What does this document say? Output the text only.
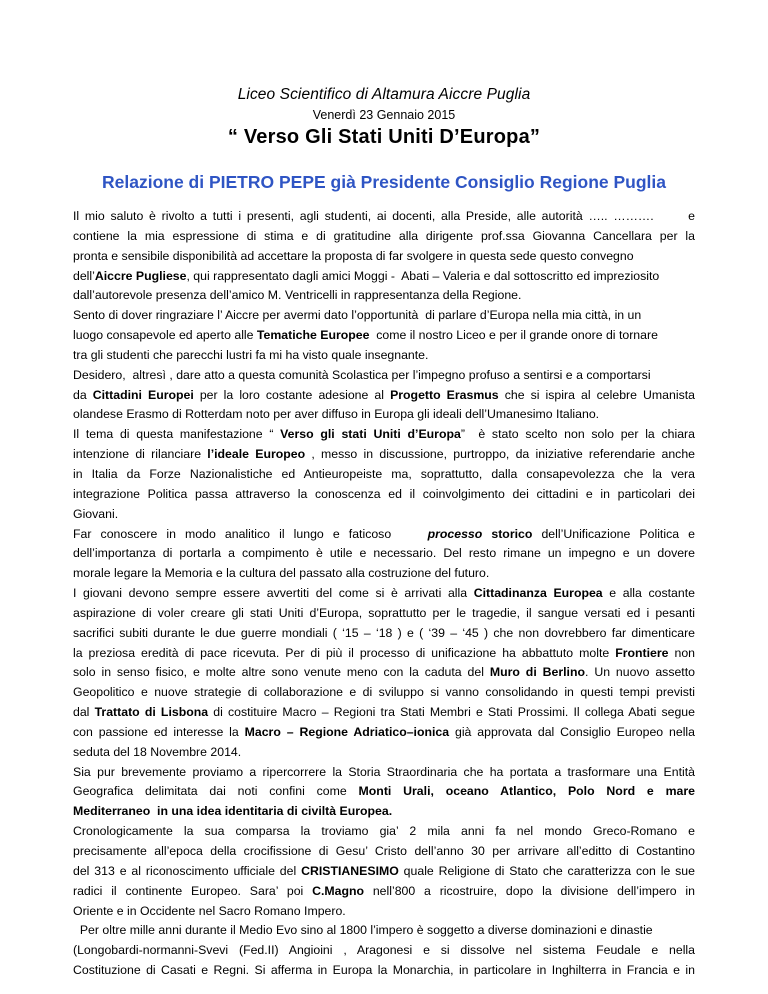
Liceo Scientifico di Altamura Aiccre Puglia
Venerdì 23 Gennaio 2015
“ Verso Gli Stati Uniti D’Europa”
Relazione di PIETRO PEPE già Presidente Consiglio Regione Puglia
Il mio saluto è rivolto a tutti i presenti, agli studenti, ai docenti, alla Preside, alle autorità ….. ……….      e
contiene la mia espressione di stima e di gratitudine alla dirigente prof.ssa Giovanna Cancellara per la
pronta e sensibile disponibilità ad accettare la proposta di far svolgere in questa sede questo convegno
dell’Aiccre Pugliese, qui rappresentato dagli amici Moggi -  Abati – Valeria e dal sottoscritto ed impreziosito
dall’autorevole presenza dell’amico M. Ventricelli in rappresentanza della Regione.
Sento di dover ringraziare l’ Aiccre per avermi dato l’opportunità  di parlare d’Europa nella mia città, in un
luogo consapevole ed aperto alle Tematiche Europee  come il nostro Liceo e per il grande onore di tornare
tra gli studenti che parecchi lustri fa mi ha visto quale insegnante.
Desidero,  altresì , dare atto a questa comunità Scolastica per l’impegno profuso a sentirsi e a comportarsi
da Cittadini Europei per la loro costante adesione al Progetto Erasmus che si ispira al celebre Umanista
olandese Erasmo di Rotterdam noto per aver diffuso in Europa gli ideali dell’Umanesimo Italiano.
Il tema di questa manifestazione “ Verso gli stati Uniti d’Europa”  è stato scelto non solo per la chiara
intenzione di rilanciare l’ideale Europeo , messo in discussione, purtroppo, da iniziative referendarie anche
in Italia da Forze Nazionalistiche ed Antieuropeiste ma, soprattutto, dalla consapevolezza che la vera
integrazione Politica passa attraverso la conoscenza ed il coinvolgimento dei cittadini e in particolari dei
Giovani.
Far conoscere in modo analitico il lungo e faticoso    processo storico dell’Unificazione Politica e
dell’importanza di portarla a compimento è utile e necessario. Del resto rimane un impegno e un dovere
morale legare la Memoria e la cultura del passato alla costruzione del futuro.
I giovani devono sempre essere avvertiti del come si è arrivati alla Cittadinanza Europea e alla costante
aspirazione di voler creare gli stati Uniti d’Europa, soprattutto per le tragedie, il sangue versati ed i pesanti
sacrifici subiti durante le due guerre mondiali ( ‘15 – ‘18 ) e ( ‘39 – ‘45 ) che non dovrebbero far dimenticare
la preziosa eredità di pace ricevuta. Per di più il processo di unificazione ha abbattuto molte Frontiere non
solo in senso fisico, e molte altre sono venute meno con la caduta del Muro di Berlino. Un nuovo assetto
Geopolitico e nuove strategie di collaborazione e di sviluppo si vanno consolidando in questi tempi previsti
dal Trattato di Lisbona di costituire Macro – Regioni tra Stati Membri e Stati Prossimi. Il collega Abati segue
con passione ed interesse la Macro – Regione Adriatico–ionica già approvata dal Consiglio Europeo nella
seduta del 18 Novembre 2014.
Sia pur brevemente proviamo a ripercorrere la Storia Straordinaria che ha portata a trasformare una Entità
Geografica delimitata dai noti confini come Monti Urali, oceano Atlantico, Polo Nord e mare
Mediterraneo  in una idea identitaria di civiltà Europea.
Cronologicamente la sua comparsa la troviamo gia’ 2 mila anni fa nel mondo Greco-Romano e
precisamente all’epoca della crocifissione di Gesu’ Cristo dell’anno 30 per arrivare all’editto di Costantino
del 313 e al riconoscimento ufficiale del CRISTIANESIMO quale Religione di Stato che caratterizza con le sue
radici il continente Europeo. Sara’ poi C.Magno nell’800 a ricostruire, dopo la divisione dell’impero in
Oriente e in Occidente nel Sacro Romano Impero.
Per oltre mille anni durante il Medio Evo sino al 1800 l’impero è soggetto a diverse dominazioni e dinastie
(Longobardi-normanni-Svevi (Fed.II) Angioini , Aragonesi e si dissolve nel sistema Feudale e nella
Costituzione di Casati e Regni. Si afferma in Europa la Monarchia, in particolare in Inghilterra in Francia e in
